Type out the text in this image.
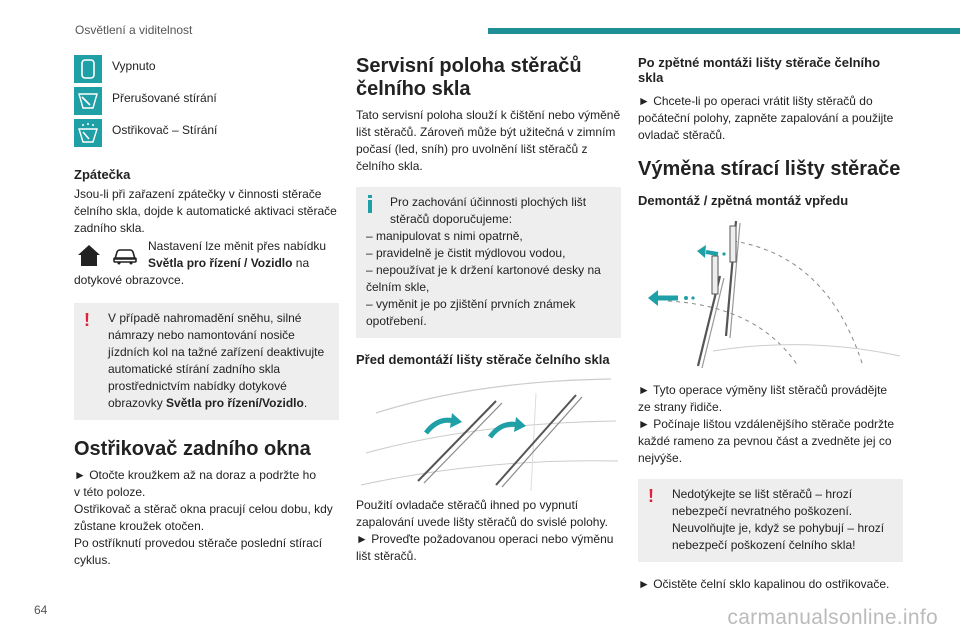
Osvětlení a viditelnost
Vypnuto
Přerušované stírání
Ostřikovač – Stírání
Zpátečka

Jsou-li při zařazení zpátečky v činnosti stěrače čelního skla, dojde k automatické aktivaci stěrače zadního skla.

Nastavení lze měnit přes nabídku

Světla pro řízení / Vozidlo na

dotykové obrazovce.

!	V případě nahromadění sněhu, silné námrazy nebo namontování nosiče jízdních kol na tažné zařízení deaktivujte automatické stírání zadního skla prostřednictvím nabídky dotykové obrazovky Světla pro řízení/Vozidlo.

Ostřikovač zadního okna

► Otočte kroužkem až na doraz a podržte ho

v této poloze.

Ostřikovač a stěrač okna pracují celou dobu, kdy

zůstane kroužek otočen.

Po ostříknutí provedou stěrače poslední stírací

cyklus.

Servisní poloha stěračů čelního skla

Tato servisní poloha slouží k čištění nebo výměně lišt stěračů. Zároveň může být užitečná v zimním počasí (led, sníh) pro uvolnění lišt stěračů z čelního skla.

Pro zachování účinnosti plochých lišt stěračů doporučujeme:

– manipulovat s nimi opatrně,

– pravidelně je čistit mýdlovou vodou,

– nepoužívat je k držení kartonové desky na čelním skle,

– vyměnit je po zjištění prvních známek opotřebení.

Před demontáží lišty stěrače čelního skla

Použití ovladače stěračů ihned po vypnutí zapalování uvede lišty stěračů do svislé polohy.

► Proveďte požadovanou operaci nebo výměnu lišt stěračů.

Po zpětné montáži lišty stěrače čelního skla

► Chcete-li po operaci vrátit lišty stěračů do počáteční polohy, zapněte zapalování a použijte ovladač stěračů.

Výměna stírací lišty stěrače
Demontáž / zpětná montáž vpředu

► Tyto operace výměny lišt stěračů provádějte ze strany řidiče.

► Počínaje lištou vzdálenějšího stěrače podržte každé rameno za pevnou část a zvedněte jej co nejvýše.

!	Nedotýkejte se lišt stěračů – hrozí nebezpečí nevratného poškození. Neuvolňujte je, když se pohybují – hrozí nebezpečí poškození čelního skla!

► Očistěte čelní sklo kapalinou do ostřikovače.

64	carmanualsonline.info
